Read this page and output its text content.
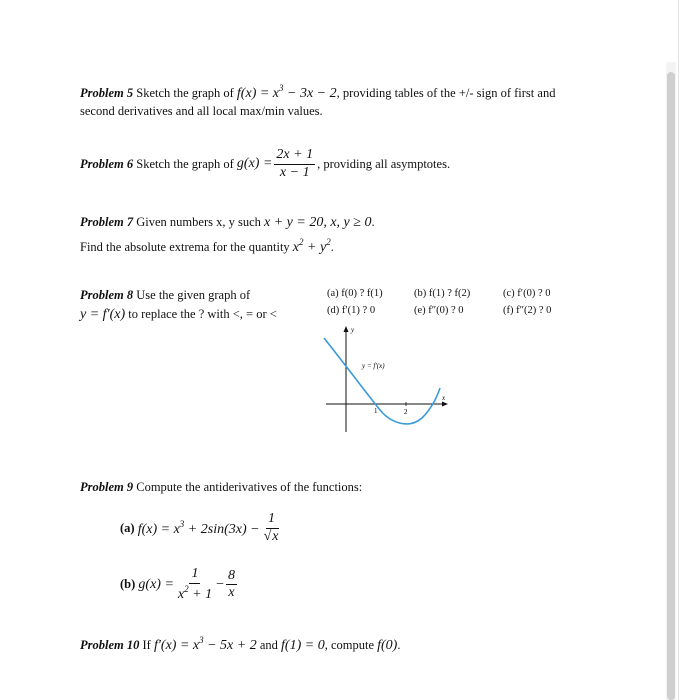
Problem 5 Sketch the graph of $f(x) = x^3 - 3x - 2$, providing tables of the +/- sign of first and
second derivatives and all local max/min values.
Problem 6
Sketch the graph of
$g(x) = \frac{2x + 1}{x - 1}$ , providing all asymptotes.
Problem 7 Given numbers x, y such x + y = 20, x, y ≥ 0.
Find the absolute extrema for the quantity $x^2 + y^2$.
Problem 8 Use the given graph of
y = f′(x) to replace the ? with <, = or <
(a) f(0) ? f(1)	(b) f(1) ? f(2)	(c) f′(0) ? 0
(d) f′(1) ? 0	(e) f″(0) ? 0	(f) f″(2) ? 0
y
x
y = f′(x)
1	2
Problem 9 Compute the antiderivatives of the functions:
(a)
$f(x) = x^3 + 2\sin(3x) - \frac{1}{√x}$
(b)
$g(x) = \frac{1}{x^2 + 1} - \frac{8}{x}$
Problem 10 If $f'(x) = x^3 - 5x + 2$ and f(1) = 0, compute f(0).
